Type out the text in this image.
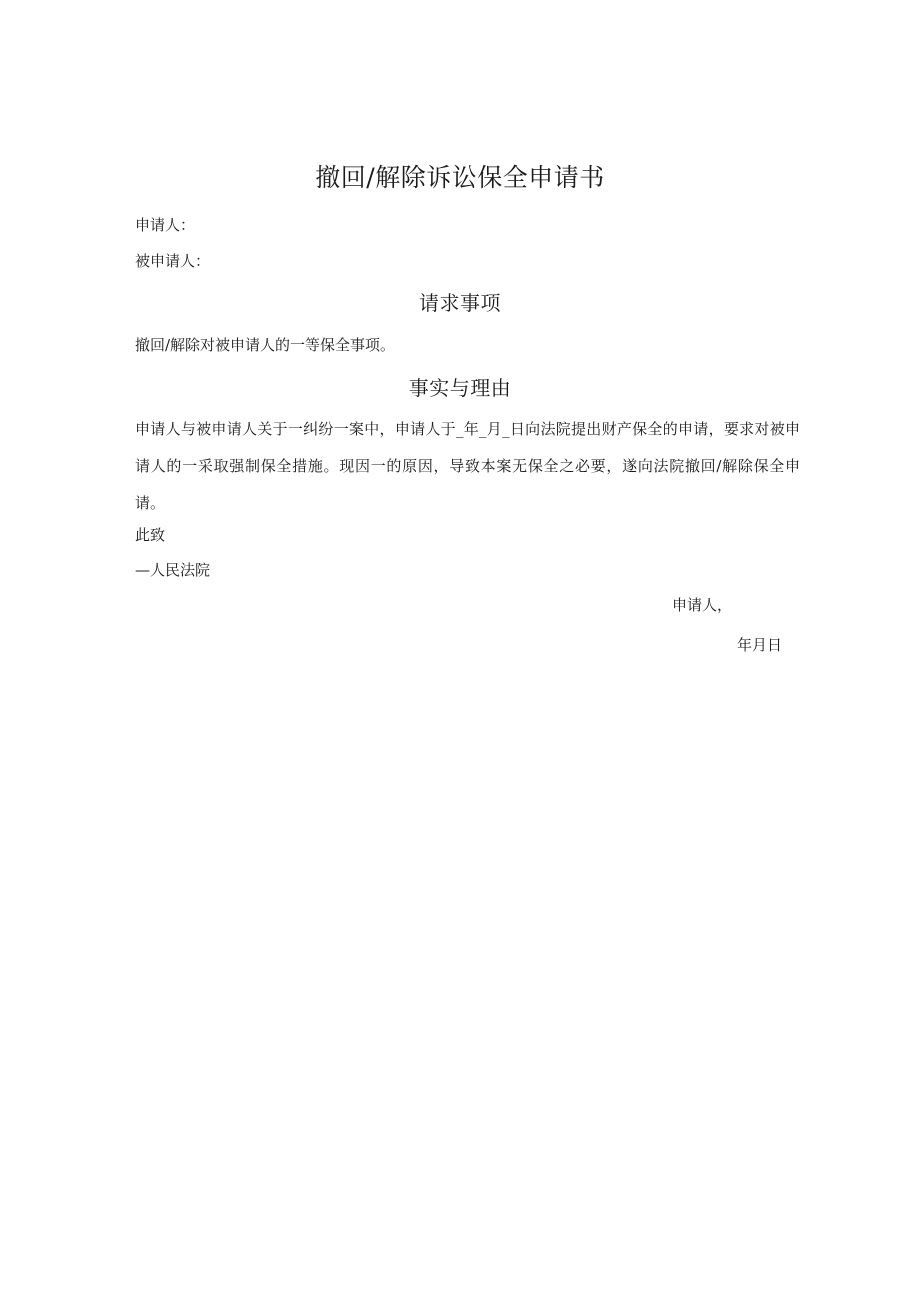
撤回/解除诉讼保全申请书
申请人：
被申请人：
请求事项
撤回/解除对被申请人的一等保全事项。
事实与理由
申请人与被申请人关于一纠纷一案中，申请人于_年_月_日向法院提出财产保全的申请，要求对被申请人的一采取强制保全措施。现因一的原因，导致本案无保全之必要，遂向法院撤回/解除保全申请。
此致
—人民法院
申请人，
年月日
